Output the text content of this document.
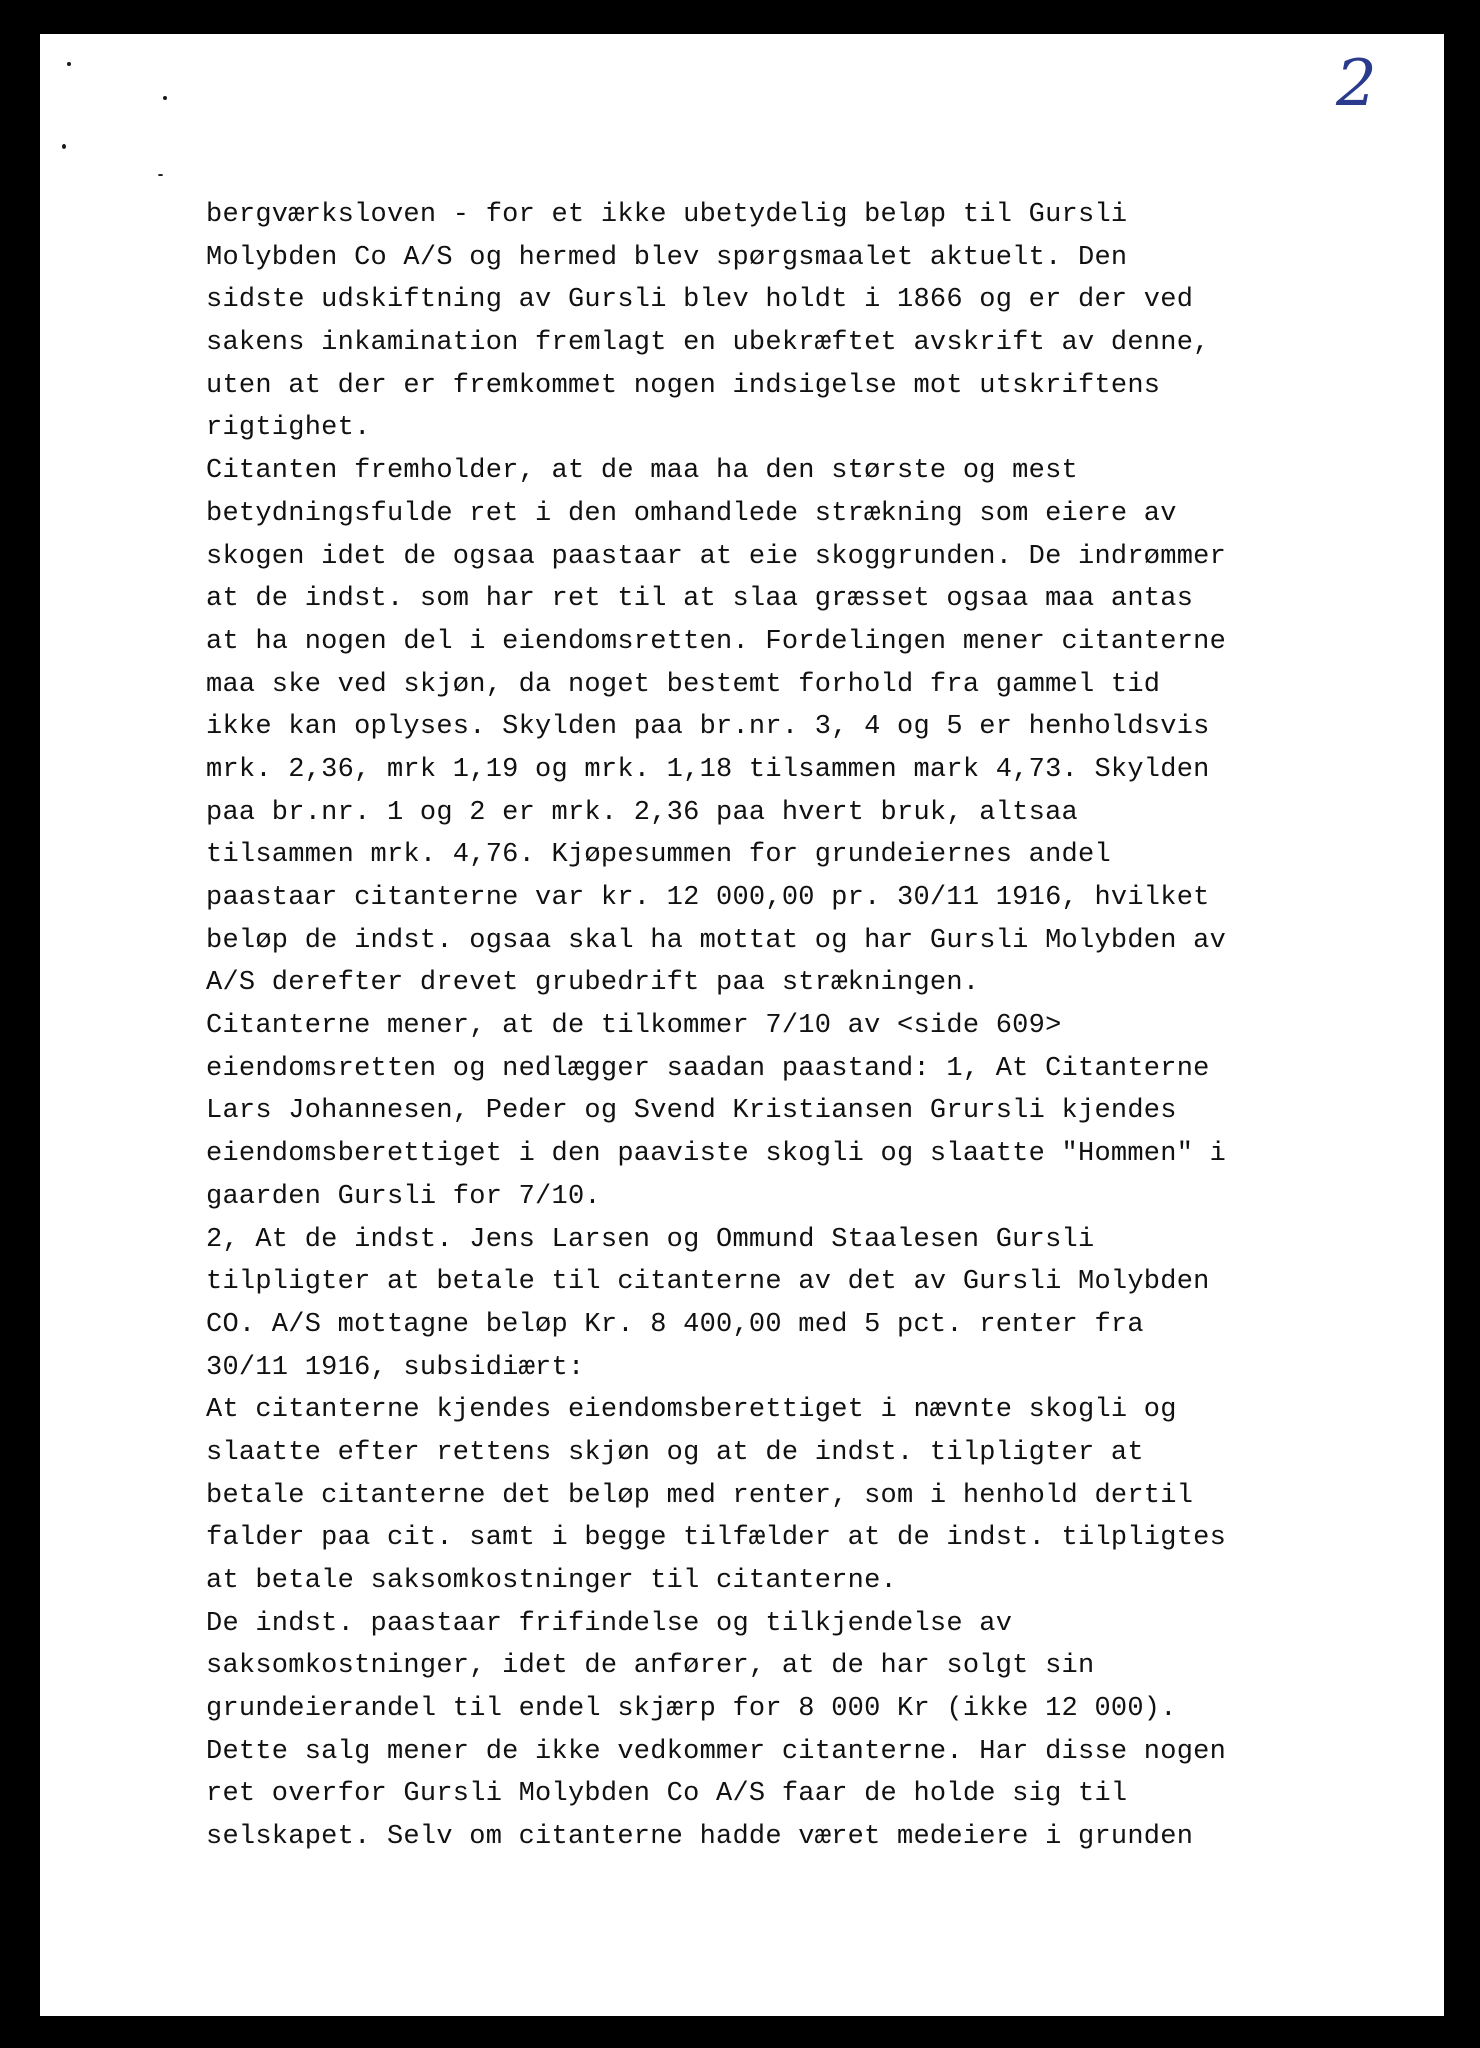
2
bergværksloven - for et ikke ubetydelig beløp til Gursli
Molybden Co A/S og hermed blev spørgsmaalet aktuelt. Den
sidste udskiftning av Gursli blev holdt i 1866 og er der ved
sakens inkamination fremlagt en ubekræftet avskrift av denne,
uten at der er fremkommet nogen indsigelse mot utskriftens
rigtighet.
Citanten fremholder, at de maa ha den største og mest
betydningsfulde ret i den omhandlede strækning som eiere av
skogen idet de ogsaa paastaar at eie skoggrunden. De indrømmer
at de indst. som har ret til at slaa græsset ogsaa maa antas
at ha nogen del i eiendomsretten. Fordelingen mener citanterne
maa ske ved skjøn, da noget bestemt forhold fra gammel tid
ikke kan oplyses. Skylden paa br.nr. 3, 4 og 5 er henholdsvis
mrk. 2,36, mrk 1,19 og mrk. 1,18 tilsammen mark 4,73. Skylden
paa br.nr. 1 og 2 er mrk. 2,36 paa hvert bruk, altsaa
tilsammen mrk. 4,76. Kjøpesummen for grundeiernes andel
paastaar citanterne var kr. 12 000,00 pr. 30/11 1916, hvilket
beløp de indst. ogsaa skal ha mottat og har Gursli Molybden av
A/S derefter drevet grubedrift paa strækningen.
Citanterne mener, at de tilkommer 7/10 av <side 609>
eiendomsretten og nedlægger saadan paastand: 1, At Citanterne
Lars Johannesen, Peder og Svend Kristiansen Grursli kjendes
eiendomsberettiget i den paaviste skogli og slaatte "Hommen" i
gaarden Gursli for 7/10.
2, At de indst. Jens Larsen og Ommund Staalesen Gursli
tilpligter at betale til citanterne av det av Gursli Molybden
CO. A/S mottagne beløp Kr. 8 400,00 med 5 pct. renter fra
30/11 1916, subsidiært:
At citanterne kjendes eiendomsberettiget i nævnte skogli og
slaatte efter rettens skjøn og at de indst. tilpligter at
betale citanterne det beløp med renter, som i henhold dertil
falder paa cit. samt i begge tilfælder at de indst. tilpligtes
at betale saksomkostninger til citanterne.
De indst. paastaar frifindelse og tilkjendelse av
saksomkostninger, idet de anfører, at de har solgt sin
grundeierandel til endel skjærp for 8 000 Kr (ikke 12 000).
Dette salg mener de ikke vedkommer citanterne. Har disse nogen
ret overfor Gursli Molybden Co A/S faar de holde sig til
selskapet. Selv om citanterne hadde været medeiere i grunden
